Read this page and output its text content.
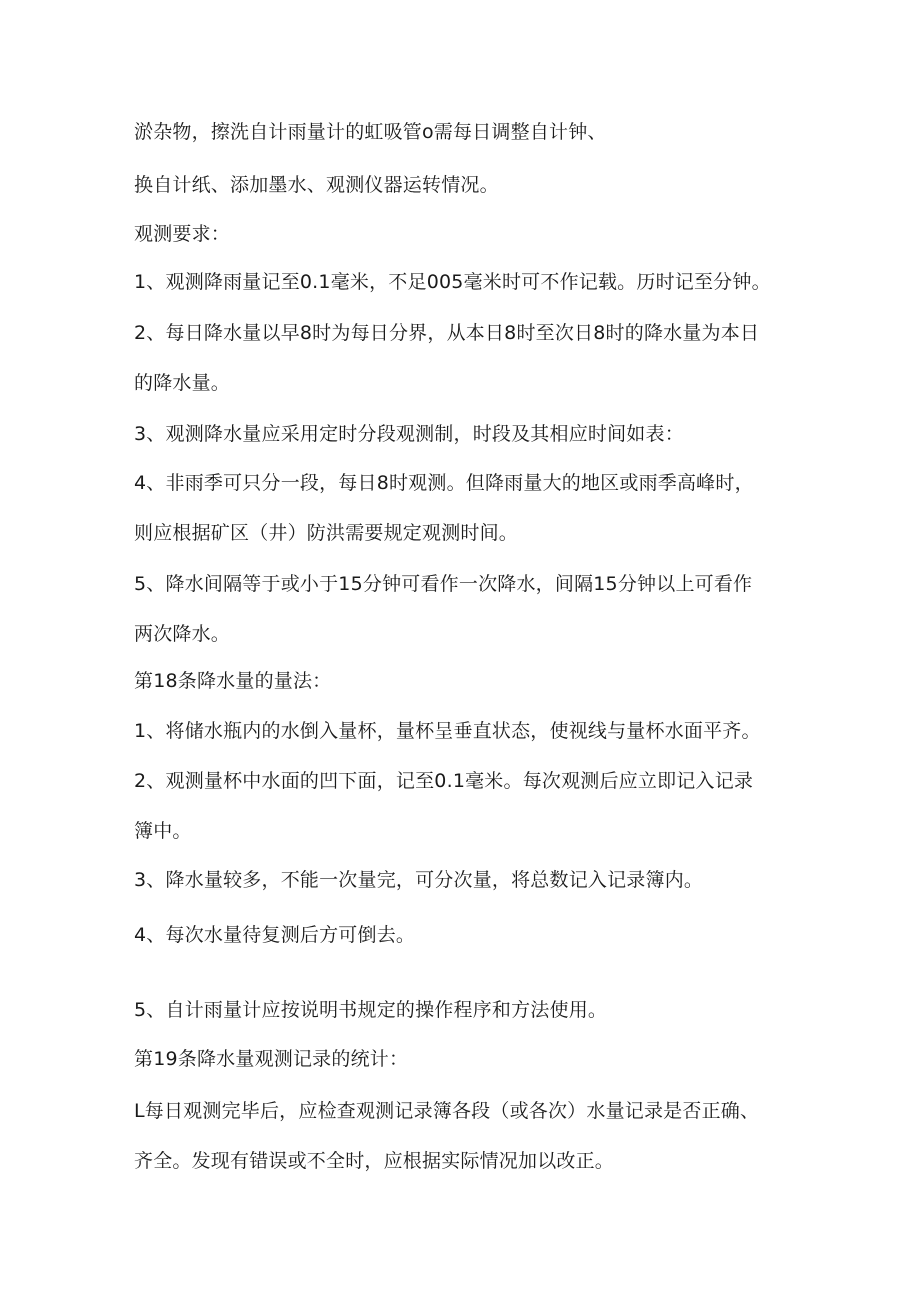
淤杂物，擦洗自计雨量计的虹吸管o需每日调整自计钟、

换自计纸、添加墨水、观测仪器运转情况。

观测要求：

1、观测降雨量记至0.1毫米，不足005毫米时可不作记载。历时记至分钟。

2、每日降水量以早8时为每日分界，从本日8时至次日8时的降水量为本日

的降水量。

3、观测降水量应采用定时分段观测制，时段及其相应时间如表：

4、非雨季可只分一段，每日8时观测。但降雨量大的地区或雨季高峰时，

则应根据矿区（井）防洪需要规定观测时间。

5、降水间隔等于或小于15分钟可看作一次降水，间隔15分钟以上可看作

两次降水。

第18条降水量的量法：

1、将储水瓶内的水倒入量杯，量杯呈垂直状态，使视线与量杯水面平齐。

2、观测量杯中水面的凹下面，记至0.1毫米。每次观测后应立即记入记录

簿中。

3、降水量较多，不能一次量完，可分次量，将总数记入记录簿内。

4、每次水量待复测后方可倒去。

5、自计雨量计应按说明书规定的操作程序和方法使用。

第19条降水量观测记录的统计：

L每日观测完毕后，应检查观测记录簿各段（或各次）水量记录是否正确、

齐全。发现有错误或不全时，应根据实际情况加以改正。
